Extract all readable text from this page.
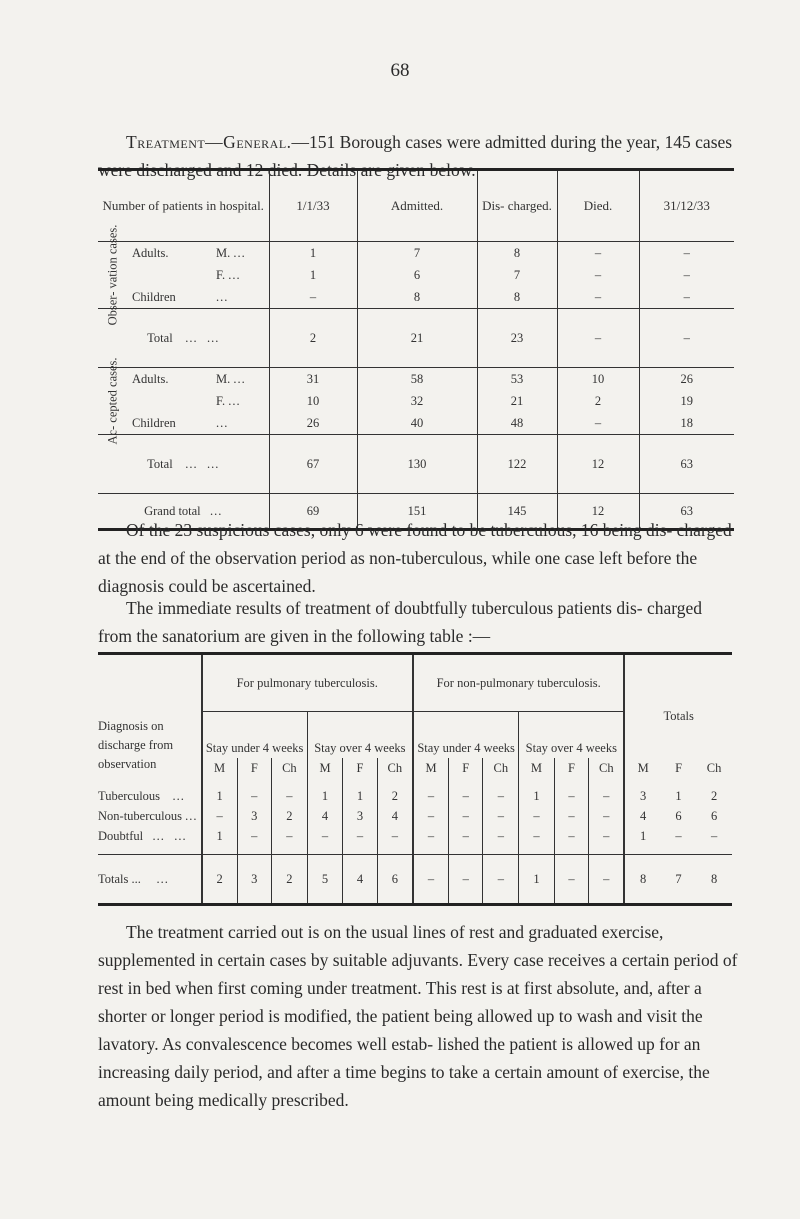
68

Treatment—General.—151 Borough cases were admitted during the year, 145 cases were discharged and 12 died. Details are given below.

Number of patients in hospital.			1/1/33	Admitted.	Dis- charged.	Died.	31/12/33

Obser- vation cases.	Adults.	M. ...	1	7	8	–	–
		F. ...	1	6	7	–	–
	Children	...	–	8	8	–	–
Total ... ...			2	21	23	–	–

Ac- cepted cases.	Adults.	M. ...	31	58	53	10	26
		F. ...	10	32	21	2	19
	Children	...	26	40	48	–	18
Total ... ...			67	130	122	12	63
Grand total ...			69	151	145	12	63

Of the 23 suspicious cases, only 6 were found to be tuberculous, 16 being dis- charged at the end of the observation period as non-tuberculous, while one case left before the diagnosis could be ascertained.

The immediate results of treatment of doubtfully tuberculous patients dis- charged from the sanatorium are given in the following table :—

Diagnosis on discharge from observation	For pulmonary tuberculosis.						For non-pulmonary tuberculosis.						Totals		
	Stay under 4 weeks			Stay over 4 weeks			Stay under 4 weeks			Stay over 4 weeks					
	M	F	Ch	M	F	Ch	M	F	Ch	M	F	Ch	M	F	Ch

Tuberculous ...	1	–	–	1	1	2	–	–	–	1	–	–	3	1	2
Non-tuberculous ...	–	3	2	4	3	4	–	–	–	–	–	–	4	6	6
Doubtful ... ...	1	–	–	–	–	–	–	–	–	–	–	–	1	–	–

Totals ... ...	2	3	2	5	4	6	–	–	–	1	–	–	8	7	8

The treatment carried out is on the usual lines of rest and graduated exercise, supplemented in certain cases by suitable adjuvants. Every case receives a certain period of rest in bed when first coming under treatment. This rest is at first absolute, and, after a shorter or longer period is modified, the patient being allowed up to wash and visit the lavatory. As convalescence becomes well estab- lished the patient is allowed up for an increasing daily period, and after a time begins to take a certain amount of exercise, the amount being medically prescribed.
